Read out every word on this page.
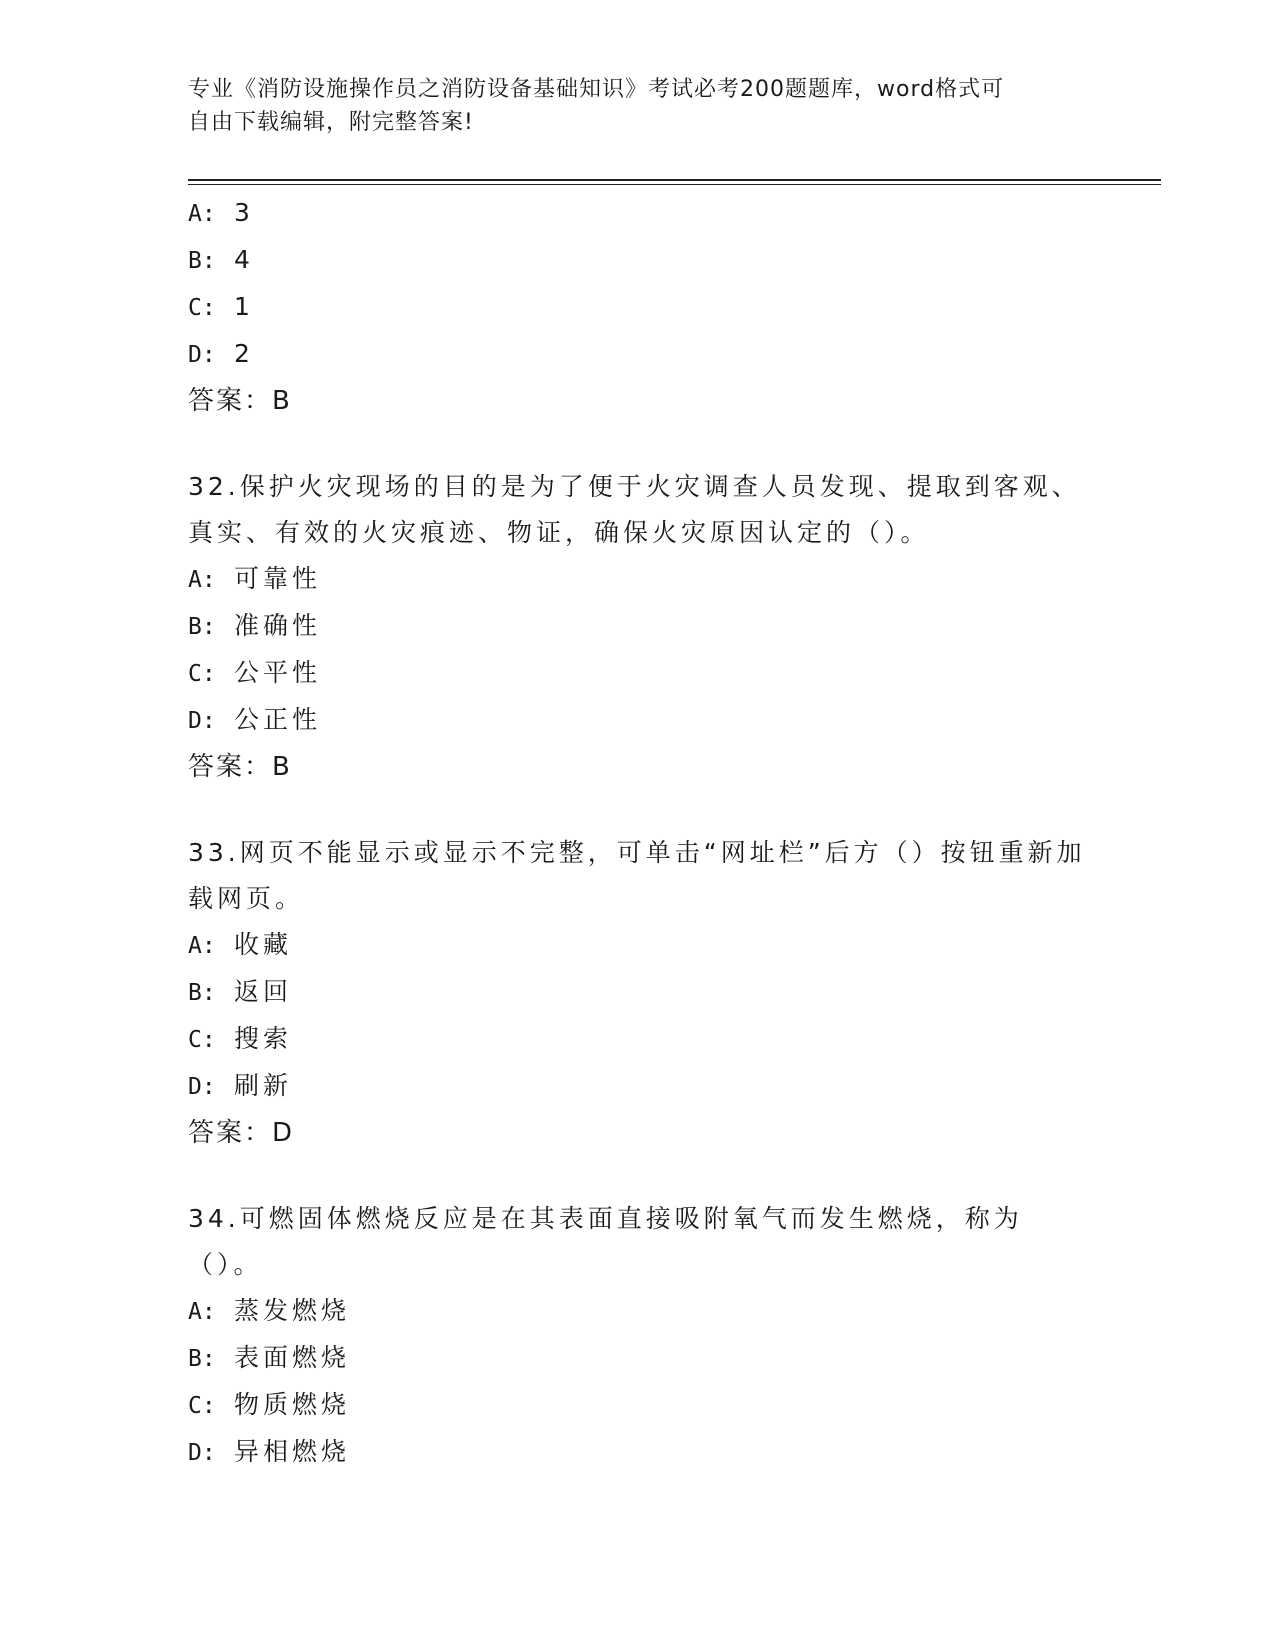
专业《消防设施操作员之消防设备基础知识》考试必考200题题库，word格式可
自由下载编辑，附完整答案!
A: 3
B: 4
C: 1
D: 2
答案：B
32.保护火灾现场的目的是为了便于火灾调查人员发现、提取到客观、真实、有效的火灾痕迹、物证，确保火灾原因认定的（）。
A: 可靠性
B: 准确性
C: 公平性
D: 公正性
答案：B
33.网页不能显示或显示不完整，可单击“网址栏”后方（）按钮重新加载网页。
A: 收藏
B: 返回
C: 搜索
D: 刷新
答案：D
34.可燃固体燃烧反应是在其表面直接吸附氧气而发生燃烧，称为（）。
A: 蒸发燃烧
B: 表面燃烧
C: 物质燃烧
D: 异相燃烧
